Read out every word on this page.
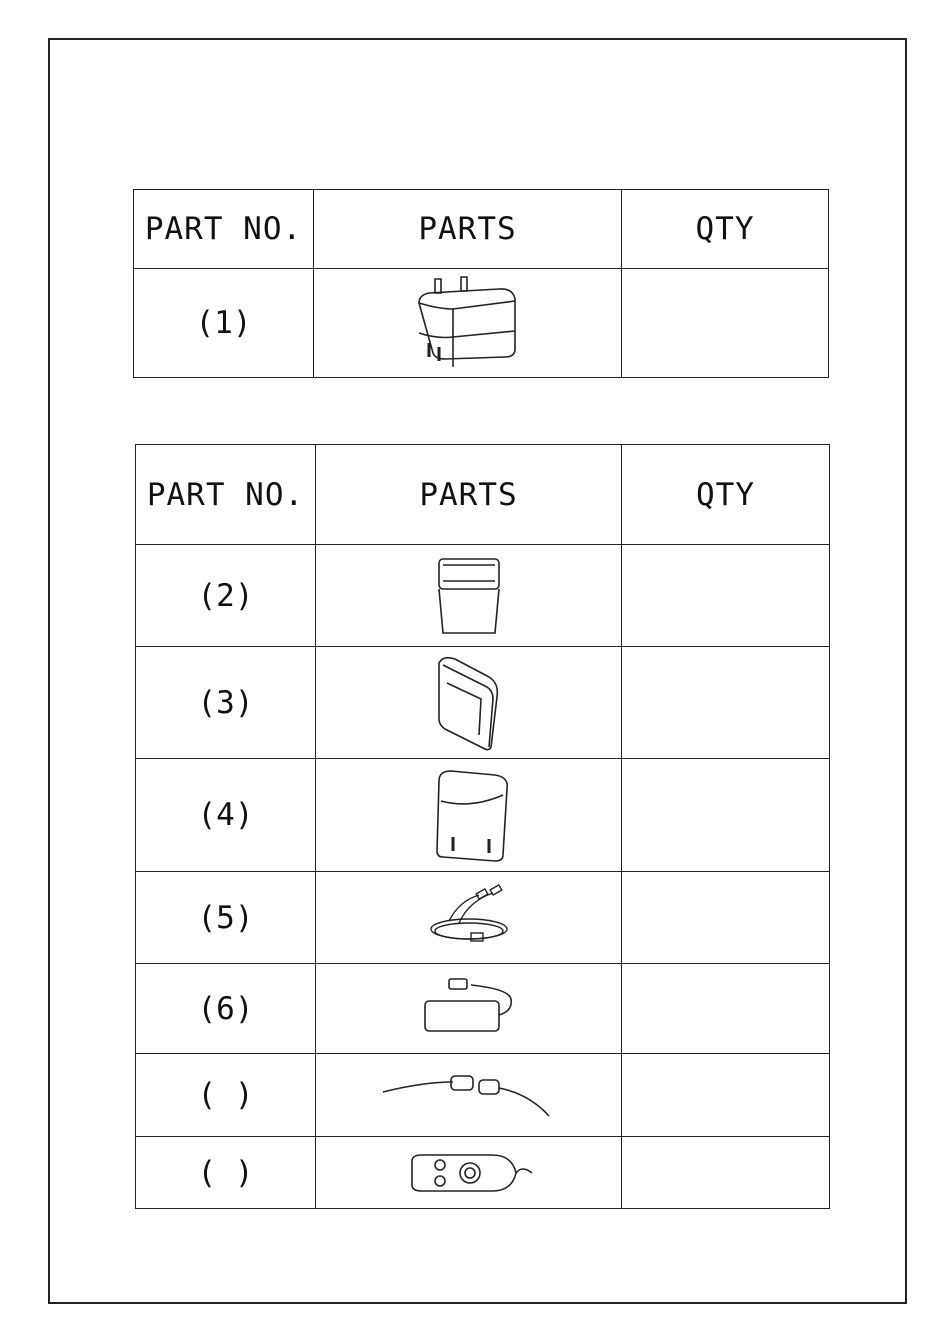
PART NO.	PARTS	QTY
(1)	

PART NO.	PARTS	QTY
(2)	

(3)	

(4)	

(5)	

(6)	

( )	

( )	
